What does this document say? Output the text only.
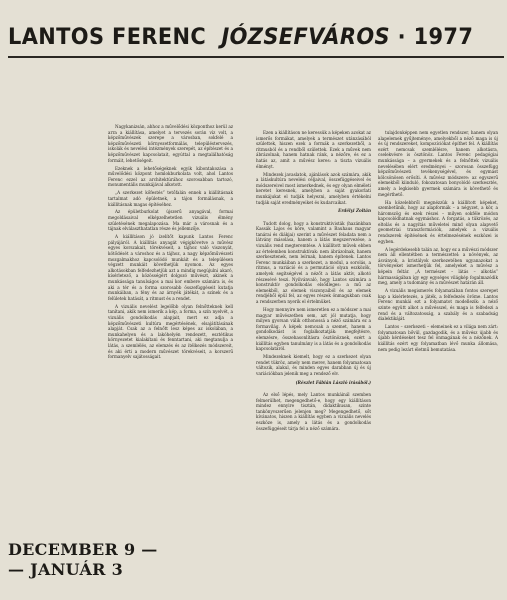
LANTOS FERENC JÓZSEFVÁROS · 1977

Nagykanizsán, ahhoz a művelődési központhoz kerül az arra a kiállítása, amelyet a tervezés során víz volt, a képzőművészek szerepe a városban, sokfelé a képzőművészeti környezetformálás, településtervezés, iskolák és nevelési intézmények szerepét, az építészet és a képzőművészet kapcsolatait, egyúttal a megtalálhatóság formáit, lehetőségeit.

Ezeknek a lehetőségeknek egyik kibontakozása a művelődési központ homlokburkolata volt, ahol Lantos Ferenc ezzel az architektúrához szorosabban tartozó, monumentális munkájával alkotott.

„A szerkezet kőfestés” tetőfalán ennek a kiállításnak tartalmat adó épületnek, a tájon formálásnak, a kiállításnak magas építéséhez.

Az épületburkolat újszerű anyagával, formai megoldásaival elképzelhetetlen vizuális élmény születésének megalapozása. Ma már a városnak és a tájnak elválaszthatatlan része és jellemzője.

A kiállításon jó ízelítőt kapunk Lantos Ferenc pályájáról. A kiállítás anyagát végigkövetve a művész egyes korszakait, törekvéseit, a tájhoz való viszonyát, kötődését a városhoz és a tájhoz, a nagy képzőművészeti mozgalmakhoz kapcsolódó munkáit és a településen végzett munkáit követhetjük nyomon. Az egyes alkotásokban felfedezhetjük azt a mindig megújulni akaró, kísérletező, a közösségért dolgozó művészt, akinek a munkássága tanulságos a mai kor embere számára is, és aki a tér és a forma szorosabb összefüggéseit kutatja munkáiban, a fény és az árnyék játékát, a színek és a felületek hatását, a ritmust és a rendet.

A vizuális nevelést legelőbb olyan felnőtteknek kell tanítani, akik nem ismerik a kép, a forma, a szín nyelvét, a vizuális gondolkodás alapjait, mert ez adja a képzőművészeti kultúra megértésének, elsajátításának alapját. Csak az a felnőtt lesz képes az iskolában, a munkahelyen és a lakóhelyén rendezett, esztétikus környezetet kialakítani és fenntartani, aki megtanulja a látás, a szemlélés, az elemzés és az ítélkezés módszereit, és aki érti a modern művészet törekvéseit, a korszerű formanyelv sajátosságait.

Ezen a kiállításon ne keressük a képeken azokat az ismerős formákat, amelyek a természet utánzásából születtek, hiszen ezek a formák a szerkezetből, a ritmusból és a rendből születtek. Ezek a művek nem ábrázolnak, hanem hatnak ránk, a nézőre, és ez a hatás az, amit a művész keres: a tiszta vizuális élményt.

Mindezek javaslatok, ajánlások azok számára, akik a látáskultúra nevelési céljaival, összefüggéseivel és módszereivel most ismerkednek, és egy olyan elméleti keretet keresnek, amelyben a saját gyakorlati munkájukat el tudják helyezni, amelyben értékelni tudják saját eredményeiket és kudarcaikat.

Erdélyi Zoltán

Tudott dolog, hogy a konstruktivisták (hazánkban Kassák Lajos és köre, valamint a Bauhaus magyar tanárai és diákjai) szerint a művészet feladata nem a látvány másolása, hanem a látás megszervezése, a vizuális rend megteremtése. A kiállított művek ebben az értelemben konstruktívak: nem ábrázolnak, hanem szerkesztenek, nem leírnak, hanem építenek. Lantos Ferenc munkáiban a szerkezet, a modul, a sorolás, a ritmus, a variáció és a permutáció olyan eszközök, amelyek segítségével a nézőt a látás aktív, alkotó részesévé teszi. Nyilvánvaló, hogy Lantos számára a konstruktív gondolkodás elsődleges: a mű az elemekből, az elemek viszonyaiból és az elemek rendjéből épül fel, az egyes részek önmagukban csak a rendszerben nyerik el értelmüket.

Hogy mennyire nem ismeretlen ez a módszer a mai magyar művészetben sem, azt jól mutatja, hogy milyen gyorsan válik otthonossá a néző számára ez a formavilág. A képek nemcsak a szemet, hanem a gondolkodást is foglalkoztatják: megfejtésre, elemzésre, összehasonlításra ösztönöznek, ezért a kiállítás egyben tanulmány is a látás és a gondolkodás kapcsolatáról.

Mindezeknek kiemelt, hogy ez a szerkezet olyan rendet tükröz, amely nem merev, hanem folyamatosan változik, alakul, és minden egyes darabban új és új variációkban jelenik meg a rendező elv.

(Részlet Fábián László írásából.)

Az első lépés, mely Lantos munkáinál szemben felmerülhet, megengedhető-e, hogy egy kiállításon mindez ennyire tisztán, didaktikusan, szinte tankönyvszerűen jelenjen meg? Megengedhető, sőt kívánatos, hiszen a kiállítás egyben a vizuális nevelés eszköze is, amely a látás és a gondolkodás összefüggéseit tárja fel a néző számára.

tulajdonképpen nem egyetlen rendszer, hanem olyan alapelemek gyűjteménye, amelyekből a néző maga is új és új rendszereket, kompozíciókat építhet fel. A kiállítás ezért nemcsak szemlélésre, hanem alkotásra, cselekvésre is ösztönöz. Lantos Ferenc pedagógiai munkássága – a gyermekek és a felnőttek vizuális nevelésében elért eredményei – szorosan összefügg képzőművészeti tevékenységével, és egymást kölcsönösen erősíti. A művész módszere: az egyszerű elemekből kiinduló, fokozatosan bonyolódó szerkesztés, amely a legkisebb gyermek számára is követhető és megérthető.

Ha közelebbről megnézzük a kiállított képeket, szembetűnik, hogy az alapformák – a négyzet, a kör, a háromszög és ezek részei – milyen sokféle módon kapcsolódhatnak egymáshoz. A forgatás, a tükrözés, az eltolás és a nagyítás műveletei mind olyan alapvető geometriai transzformációk, amelyek a vizuális rendszerek építésének és értelmezésének eszközei is egyben.

A legérdekesebb talán az, hogy ez a művészi módszer nem áll ellentétben a természettel: a növények, az ásványok, a kristályok szerkezetében ugyanazokat a törvényeket ismerhetjük fel, amelyeket a művész a képein feltár. „A természet – látás – alkotás” hármasságában így egy egységes világkép fogalmazódik meg, amely a tudomány és a művészet határán áll.

A vizuális megismerés folyamatában fontos szerepet kap a kísérletezés, a játék, a felfedezés öröme. Lantos Ferenc munkái ezt a folyamatot modellezik: a néző szinte együtt alkot a művésszel, és maga is felfedezi a rend és a változatosság, a szabály és a szabadság dialektikáját.

Lantos – szerkezeti – elemeinek ez a világa nem zárt: folyamatosan bővül, gazdagodik, és a művész újabb és újabb kérdéseket tesz fel önmagának és a nézőnek. A kiállítás ezért egy folyamatban lévő munka állomása, nem pedig lezárt életmű bemutatása.

DECEMBER 9 —
— JANUÁR 3
